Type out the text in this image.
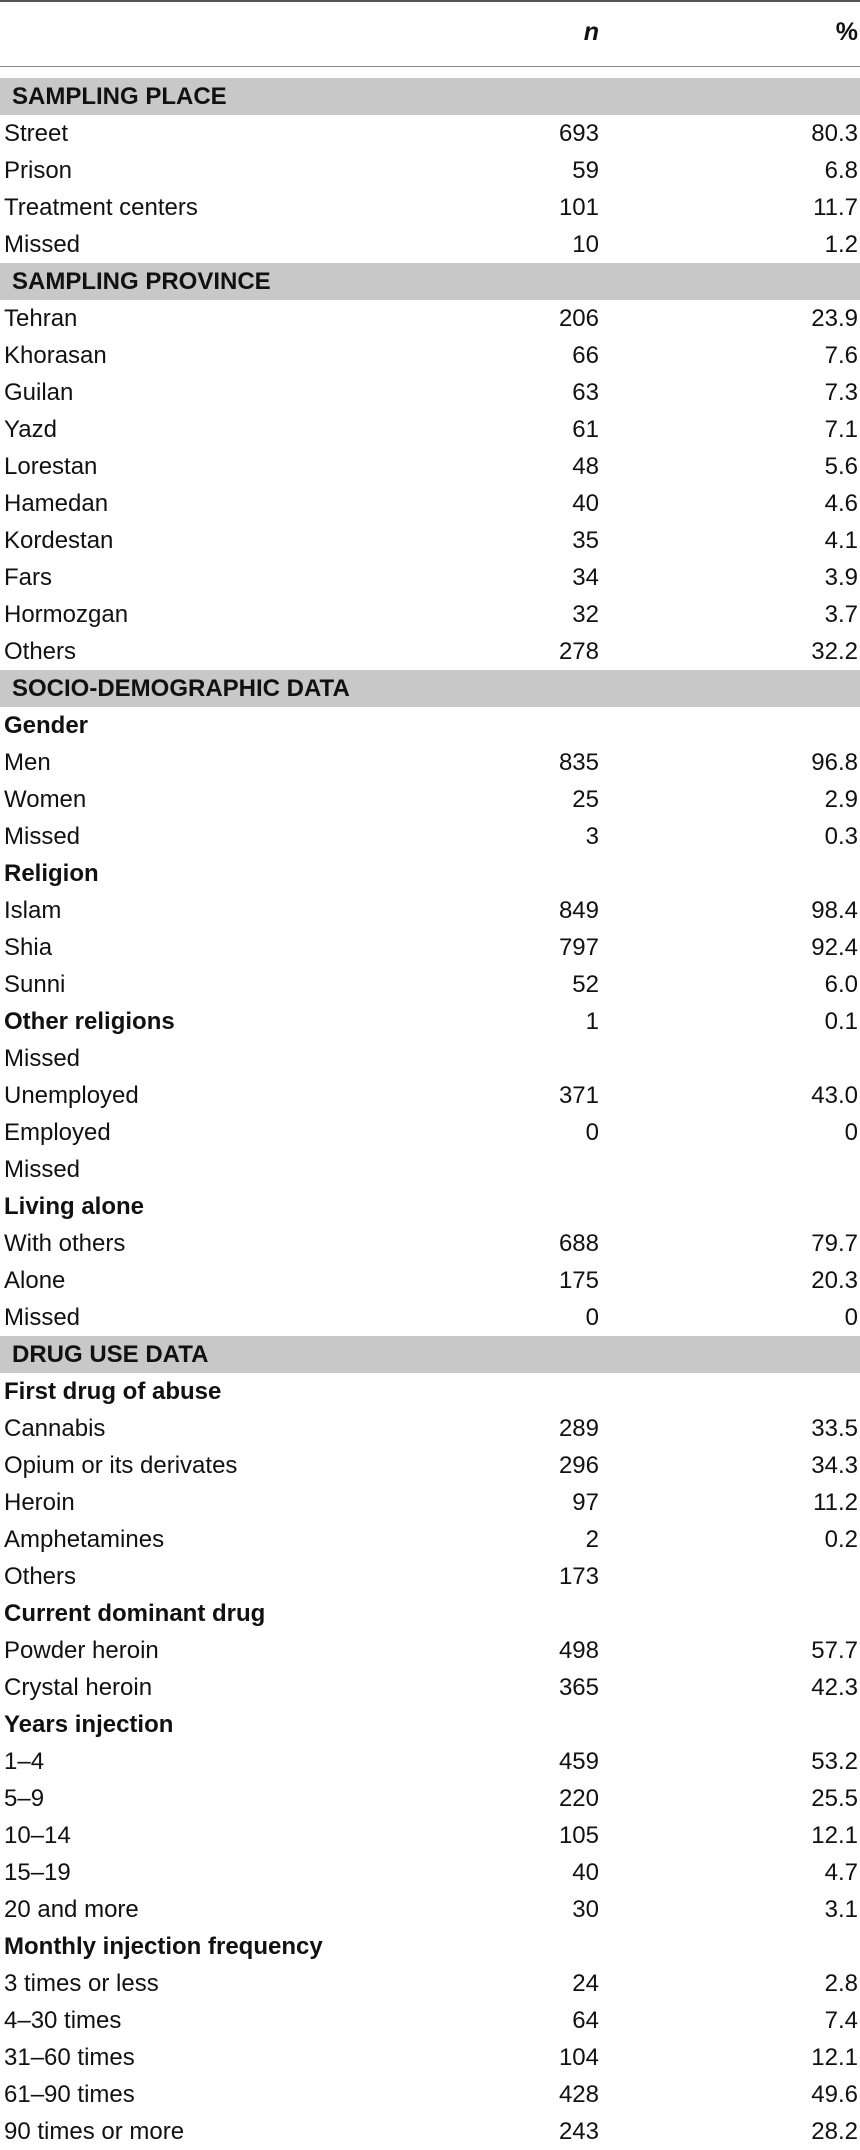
n	%
SAMPLING PLACE
Street	693	80.3
Prison	59	6.8
Treatment centers	101	11.7
Missed	10	1.2
SAMPLING PROVINCE
Tehran	206	23.9
Khorasan	66	7.6
Guilan	63	7.3
Yazd	61	7.1
Lorestan	48	5.6
Hamedan	40	4.6
Kordestan	35	4.1
Fars	34	3.9
Hormozgan	32	3.7
Others	278	32.2
SOCIO-DEMOGRAPHIC DATA
Gender
Men	835	96.8
Women	25	2.9
Missed	3	0.3
Religion
Islam	849	98.4
Shia	797	92.4
Sunni	52	6.0
Other religions	1	0.1
Missed
Unemployed	371	43.0
Employed	0	0
Missed
Living alone
With others	688	79.7
Alone	175	20.3
Missed	0	0
DRUG USE DATA
First drug of abuse
Cannabis	289	33.5
Opium or its derivates	296	34.3
Heroin	97	11.2
Amphetamines	2	0.2
Others	173
Current dominant drug
Powder heroin	498	57.7
Crystal heroin	365	42.3
Years injection
1–4	459	53.2
5–9	220	25.5
10–14	105	12.1
15–19	40	4.7
20 and more	30	3.1
Monthly injection frequency
3 times or less	24	2.8
4–30 times	64	7.4
31–60 times	104	12.1
61–90 times	428	49.6
90 times or more	243	28.2
